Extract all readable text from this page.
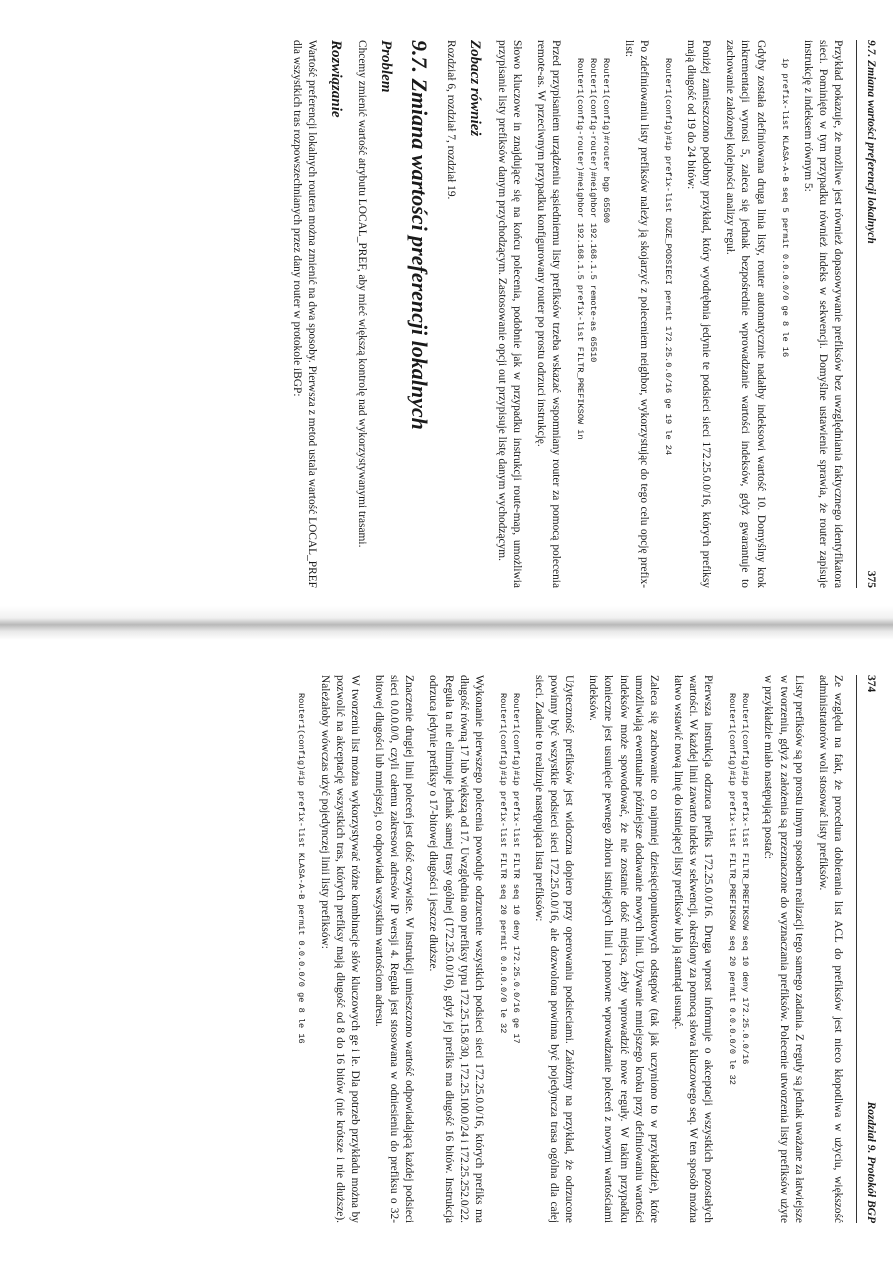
9.7. Zmiana wartości preferencji lokalnych
375

Przykład pokazuje, że możliwe jest również dopasowywanie prefiksów bez uwzględniania faktycznego identyfikatora sieci. Pominięto w tym przypadku również indeks w sekwencji. Domyślne ustawienie sprawia, że router zapisuje instrukcję z indeksem równym 5:

ip prefix-list KLASA-A-B seq 5 permit 0.0.0.0/0 ge 8 le 16

Gdyby została zdefiniowana druga linia listy, router automatycznie nadałby indeksowi wartość 10. Domyślny krok inkrementacji wynosi 5, zaleca się jednak bezpośrednie wprowadzanie wartości indeksów, gdyż gwarantuje to zachowanie założonej kolejności analizy reguł.

Poniżej zamieszczono podobny przykład, który wyodrębnia jedynie te podsieci sieci 172.25.0.0/16, których prefiksy mają długość od 19 do 24 bitów:

Router1(config)#ip prefix-list DUZE_PODSIECI permit 172.25.0.0/16 ge 19 le 24

Po zdefiniowaniu listy prefiksów należy ją skojarzyć z poleceniem neighbor, wykorzystując do tego celu opcję prefix-list:

Router1(config)#router bgp 65500
Router1(config-router)#neighbor 192.168.1.5 remote-as 65510
Router1(config-router)#neighbor 192.168.1.5 prefix-list FILTR_PREFIKSOW in

Przed przypisaniem urządzeniu sąsiedniemu listy prefiksów trzeba wskazać wspomniany router za pomocą polecenia remote-as. W przeciwnym przypadku konfigurowany router po prostu odrzuci instrukcję.

Słowo kluczowe in znajdujące się na końcu polecenia, podobnie jak w przypadku instrukcji route-map, umożliwia przypisanie listy prefiksów danym przychodzącym. Zastosowanie opcji out przypisuje listę danym wychodzącym.

Zobacz również

Rozdział 6, rozdział 7, rozdział 19.

9.7. Zmiana wartości preferencji lokalnych
Problem

Chcemy zmienić wartość atrybutu LOCAL_PREF, aby mieć większą kontrolę nad wykorzystywanymi trasami.

Rozwiązanie

Wartość preferencji lokalnych routera można zmienić na dwa sposoby. Pierwsza z metod ustala wartość LOCAL_PREF dla wszystkich tras rozpowszechnianych przez dany router w protokole iBGP:

374
Rozdział 9. Protokół BGP

Ze względu na fakt, że procedura dobierania list ACL do prefiksów jest nieco kłopotliwa w użyciu, większość administratorów woli stosować listy prefiksów.

Listy prefiksów są po prostu innym sposobem realizacji tego samego zadania. Z reguły są jednak uważane za łatwiejsze w tworzeniu, gdyż z założenia są przeznaczone do wyznaczania prefiksów. Polecenie utworzenia listy prefiksów użyte w przykładzie miało następującą postać:

Router1(config)#ip prefix-list FILTR_PREFIKSOW seq 10 deny 172.25.0.0/16
Router1(config)#ip prefix-list FILTR_PREFIKSOW seq 20 permit 0.0.0.0/0 le 32

Pierwsza instrukcja odrzuca prefiks 172.25.0.0/16. Druga wprost informuje o akceptacji wszystkich pozostałych wartości. W każdej linii zawarto indeks w sekwencji, określony za pomocą słowa kluczowego seq. W ten sposób można łatwo wstawić nową linię do istniejącej listy prefiksów lub ją stamtąd usunąć.

Zaleca się zachowanie co najmniej dziesięciopunktowych odstępów (tak jak uczyniono to w przykładzie), które umożliwiają ewentualne późniejsze dodawanie nowych linii. Używanie mniejszego kroku przy definiowaniu wartości indeksów może spowodować, że nie zostanie dość miejsca, żeby wprowadzić nowe reguły. W takim przypadku konieczne jest usunięcie pewnego zbioru istniejących linii i ponowne wprowadzanie poleceń z nowymi wartościami indeksów.

Użyteczność prefiksów jest widoczna dopiero przy operowaniu podsieciami. Załóżmy na przykład, że odrzucone powinny być wszystkie podsieci sieci 172.25.0.0/16, ale dozwolona powinna być pojedyncza trasa ogólna dla całej sieci. Zadanie to realizuje następująca lista prefiksów:

Router1(config)#ip prefix-list FILTR seq 10 deny 172.25.0.0/16 ge 17
Router1(config)#ip prefix-list FILTR seq 20 permit 0.0.0.0/0 le 32

Wykonanie pierwszego polecenia powoduje odrzucenie wszystkich podsieci sieci 172.25.0.0/16, których prefiks ma długość równą 17 lub większą od 17. Uwzględnia ono prefiksy typu 172.25.15.8/30, 172.25.100.0/24 i 172.25.252.0/22. Reguła ta nie eliminuje jednak samej trasy ogólnej (172.25.0.0/16), gdyż jej prefiks ma długość 16 bitów. Instrukcja odrzuca jedynie prefiksy o 17-bitowej długości i jeszcze dłuższe.

Znaczenie drugiej linii poleceń jest dość oczywiste. W instrukcji umieszczono wartość odpowiadającą każdej podsieci sieci 0.0.0.0/0, czyli całemu zakresowi adresów IP wersji 4. Reguła jest stosowana w odniesieniu do prefiksu o 32-bitowej długości lub mniejszej, co odpowiada wszystkim wartościom adresu.

W tworzeniu list można wykorzystywać różne kombinacje słów kluczowych ge i le. Dla potrzeb przykładu można by pozwolić na akceptację wszystkich tras, których prefiksy mają długość od 8 do 16 bitów (nie krótsze i nie dłuższe). Należałoby wówczas użyć pojedynczej linii listy prefiksów:

Router1(config)#ip prefix-list KLASA-A-B permit 0.0.0.0/0 ge 8 le 16
